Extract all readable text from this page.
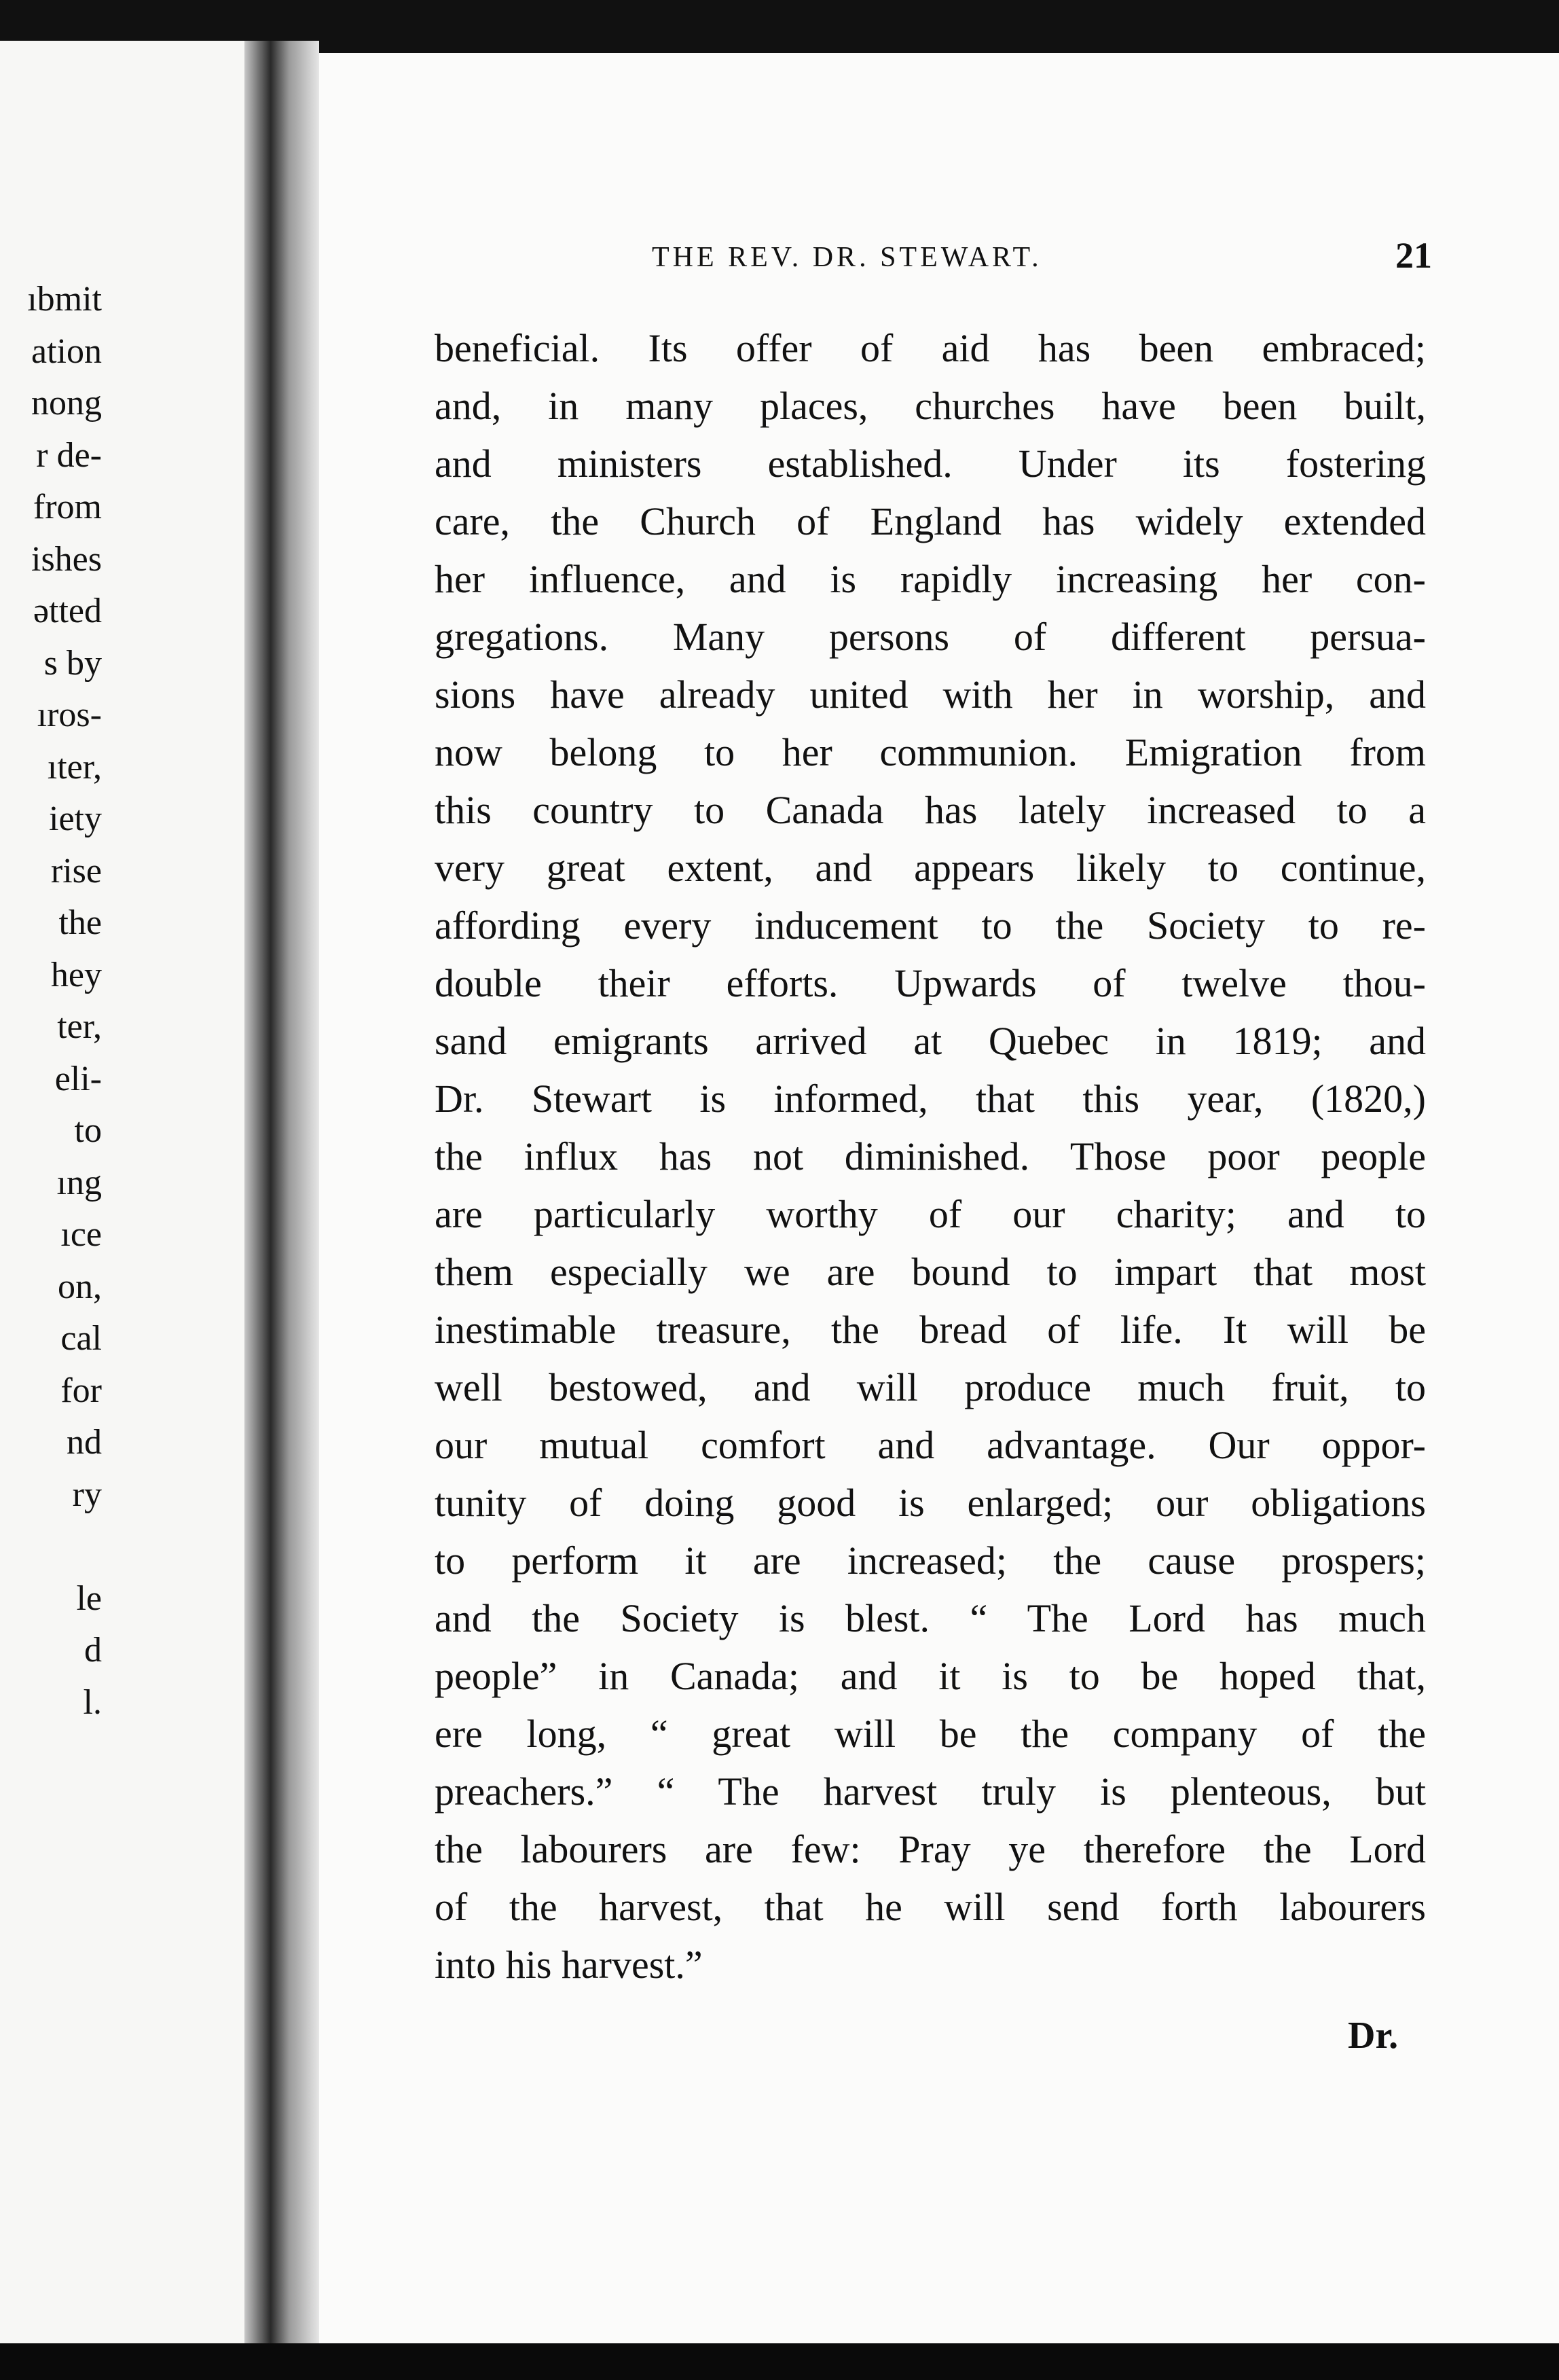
ıbmit
ation
nong
r de-
from
ishes
ətted
s by
ıros-
ıter,
iety
rise
the
hey
ter,
eli-
to
ıng
ıce
on,
cal
for
nd
ry
le
d
l.
THE REV. DR. STEWART.	21
beneficial. Its offer of aid has been embraced;
and, in many places, churches have been built,
and ministers established. Under its fostering
care, the Church of England has widely extended
her influence, and is rapidly increasing her con-
gregations. Many persons of different persua-
sions have already united with her in worship, and
now belong to her communion. Emigration from
this country to Canada has lately increased to a
very great extent, and appears likely to continue,
affording every inducement to the Society to re-
double their efforts. Upwards of twelve thou-
sand emigrants arrived at Quebec in 1819; and
Dr. Stewart is informed, that this year, (1820,)
the influx has not diminished. Those poor people
are particularly worthy of our charity; and to
them especially we are bound to impart that most
inestimable treasure, the bread of life. It will be
well bestowed, and will produce much fruit, to
our mutual comfort and advantage. Our oppor-
tunity of doing good is enlarged; our obligations
to perform it are increased; the cause prospers;
and the Society is blest. “ The Lord has much
people” in Canada; and it is to be hoped that,
ere long, “ great will be the company of the
preachers.” “ The harvest truly is plenteous, but
the labourers are few: Pray ye therefore the Lord
of the harvest, that he will send forth labourers
into his harvest.”
Dr.
